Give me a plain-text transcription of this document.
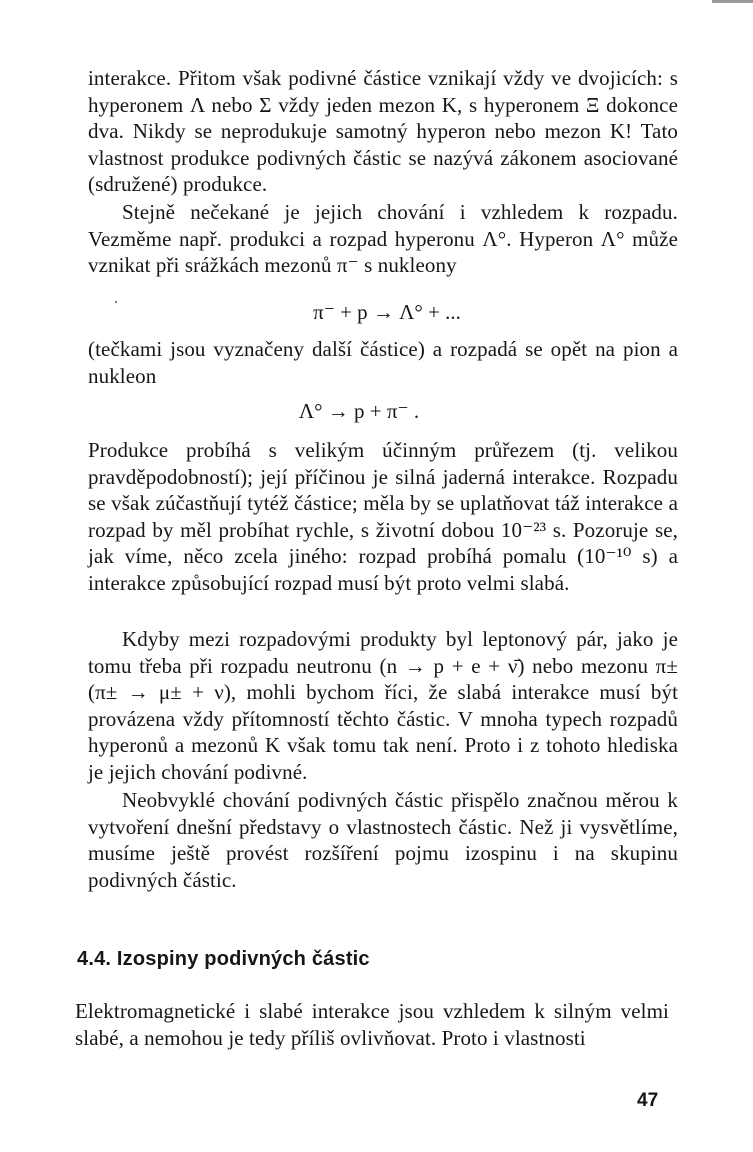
interakce. Přitom však podivné částice vznikají vždy ve dvojicích: s hyperonem Λ nebo Σ vždy jeden mezon K, s hyperonem Ξ dokonce dva. Nikdy se neprodukuje samotný hyperon nebo mezon K! Tato vlastnost produkce podivných částic se nazývá zákonem asociované (sdružené) produkce.

Stejně nečekané je jejich chování i vzhledem k rozpadu. Vezměme např. produkci a rozpad hyperonu Λ°. Hyperon Λ° může vznikat při srážkách mezonů π⁻ s nukleony

π⁻ + p → Λ° + ...

(tečkami jsou vyznačeny další částice) a rozpadá se opět na pion a nukleon

Λ° → p + π⁻ .

Produkce probíhá s velikým účinným průřezem (tj. velikou pravděpodobností); její příčinou je silná jaderná interakce. Rozpadu se však zúčastňují tytéž částice; měla by se uplatňovat táž interakce a rozpad by měl probíhat rychle, s životní dobou 10⁻²³ s. Pozoruje se, jak víme, něco zcela jiného: rozpad probíhá pomalu (10⁻¹⁰ s) a interakce způsobující rozpad musí být proto velmi slabá.

Kdyby mezi rozpadovými produkty byl leptonový pár, jako je tomu třeba při rozpadu neutronu (n → p + e + ν̄) nebo mezonu π± (π± → μ± + ν), mohli bychom říci, že slabá interakce musí být provázena vždy přítomností těchto částic. V mnoha typech rozpadů hyperonů a mezonů K však tomu tak není. Proto i z tohoto hlediska je jejich chování podivné.

Neobvyklé chování podivných částic přispělo značnou měrou k vytvoření dnešní představy o vlastnostech částic. Než ji vysvětlíme, musíme ještě provést rozšíření pojmu izospinu i na skupinu podivných částic.

4.4. Izospiny podivných částic

Elektromagnetické i slabé interakce jsou vzhledem k silným velmi slabé, a nemohou je tedy příliš ovlivňovat. Proto i vlastnosti

47
